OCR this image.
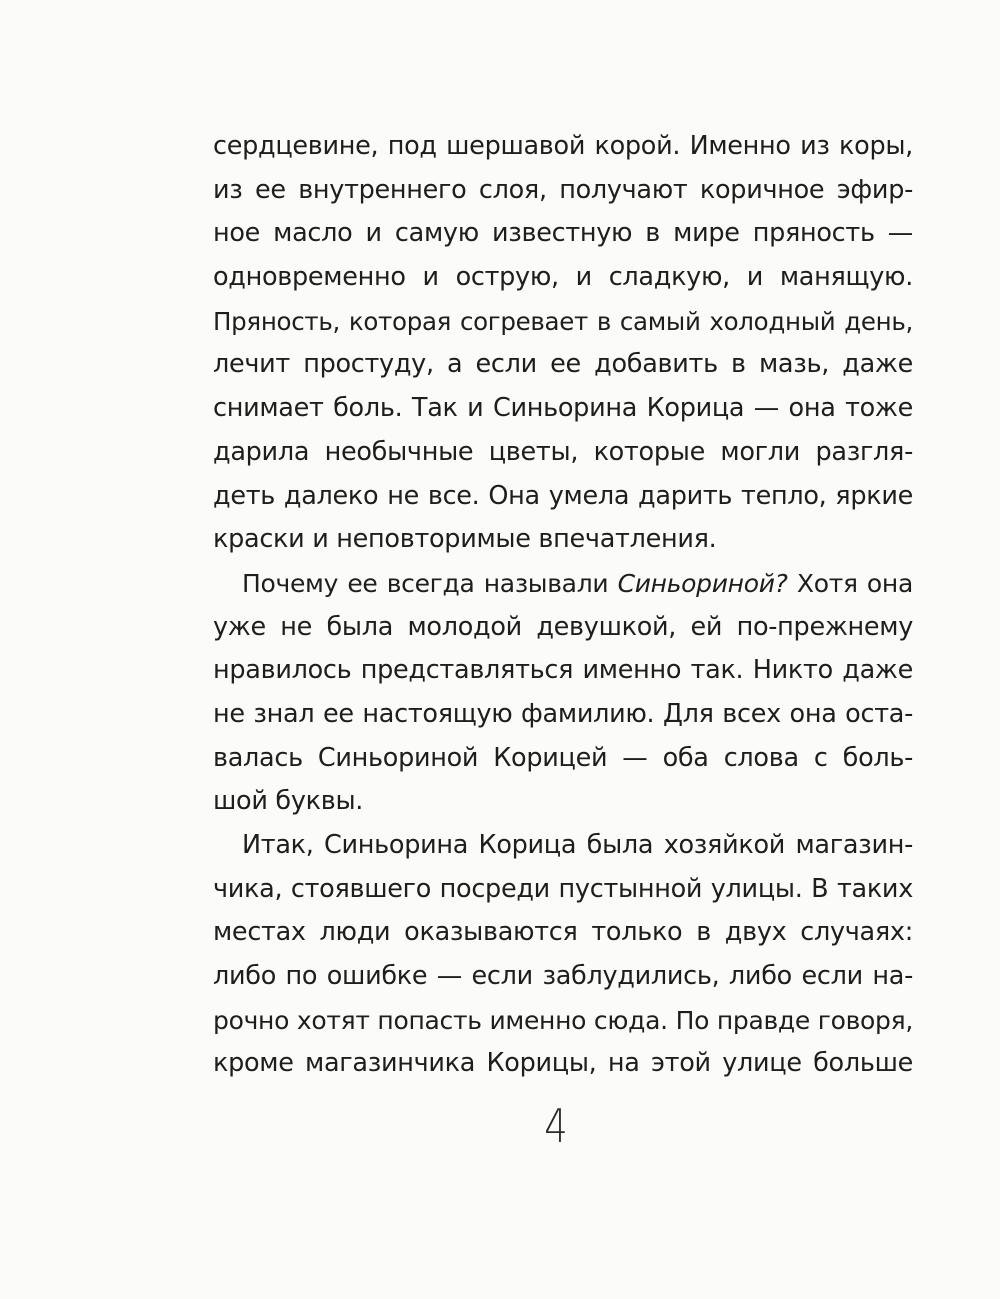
сердцевине, под шершавой корой. Именно из коры,
из ее внутреннего слоя, получают коричное эфир-
ное масло и самую известную в мире пряность —
одновременно и острую, и сладкую, и манящую.
Пряность, которая согревает в самый холодный день,
лечит простуду, а если ее добавить в мазь, даже
снимает боль. Так и Синьорина Корица — она тоже
дарила необычные цветы, которые могли разгля-
деть далеко не все. Она умела дарить тепло, яркие
краски и неповторимые впечатления.
Почему ее всегда называли Синьориной? Хотя она
уже не была молодой девушкой, ей по-прежнему
нравилось представляться именно так. Никто даже
не знал ее настоящую фамилию. Для всех она оста-
валась Синьориной Корицей — оба слова с боль-
шой буквы.
Итак, Синьорина Корица была хозяйкой магазин-
чика, стоявшего посреди пустынной улицы. В таких
местах люди оказываются только в двух случаях:
либо по ошибке — если заблудились, либо если на-
рочно хотят попасть именно сюда. По правде говоря,
кроме магазинчика Корицы, на этой улице больше
4
